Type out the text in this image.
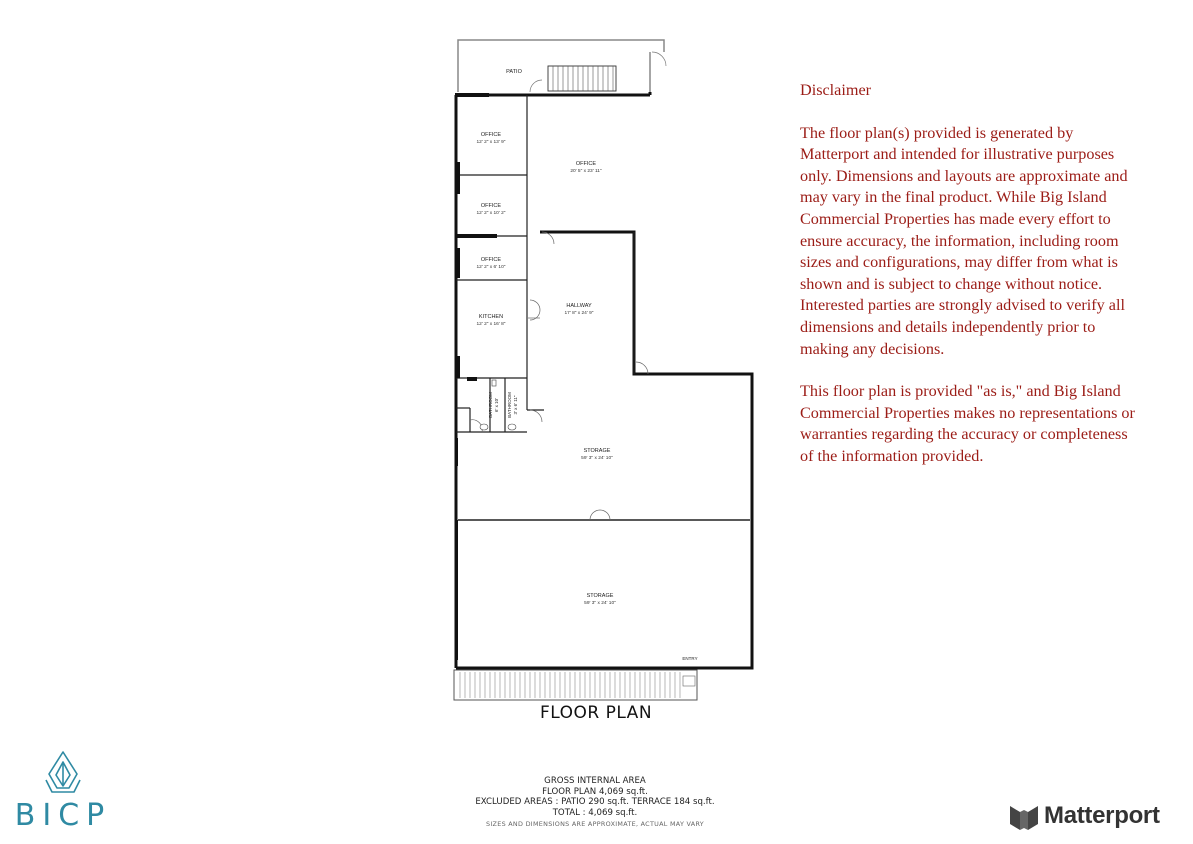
PATIO
OFFICE
12' 2" x 13' 9"
OFFICE
20' 5" x 23' 11"
OFFICE
12' 2" x 10' 2"
OFFICE
12' 2" x 6' 10"
KITCHEN
12' 2" x 16' 8"
HALLWAY
17' 8" x 24' 9"
BATHROOM 6' x 10' BATHROOM 3' x 6' 11"
STORAGE
59' 3" x 24' 10"
STORAGE
59' 3" x 24' 10"
ENTRY
FLOOR PLAN

Disclaimer

The floor plan(s) provided is generated by Matterport and intended for illustrative purposes only. Dimensions and layouts are approximate and may vary in the final product. While Big Island Commercial Properties has made every effort to ensure accuracy, the information, including room sizes and configurations, may differ from what is shown and is subject to change without notice. Interested parties are strongly advised to verify all dimensions and details independently prior to making any decisions.

This floor plan is provided "as is," and Big Island Commercial Properties makes no representations or warranties regarding the accuracy or completeness of the information provided.

GROSS INTERNAL AREA
FLOOR PLAN 4,069 sq.ft.
EXCLUDED AREAS : PATIO 290 sq.ft. TERRACE 184 sq.ft.
TOTAL : 4,069 sq.ft.
SIZES AND DIMENSIONS ARE APPROXIMATE, ACTUAL MAY VARY
BICP	Matterport
